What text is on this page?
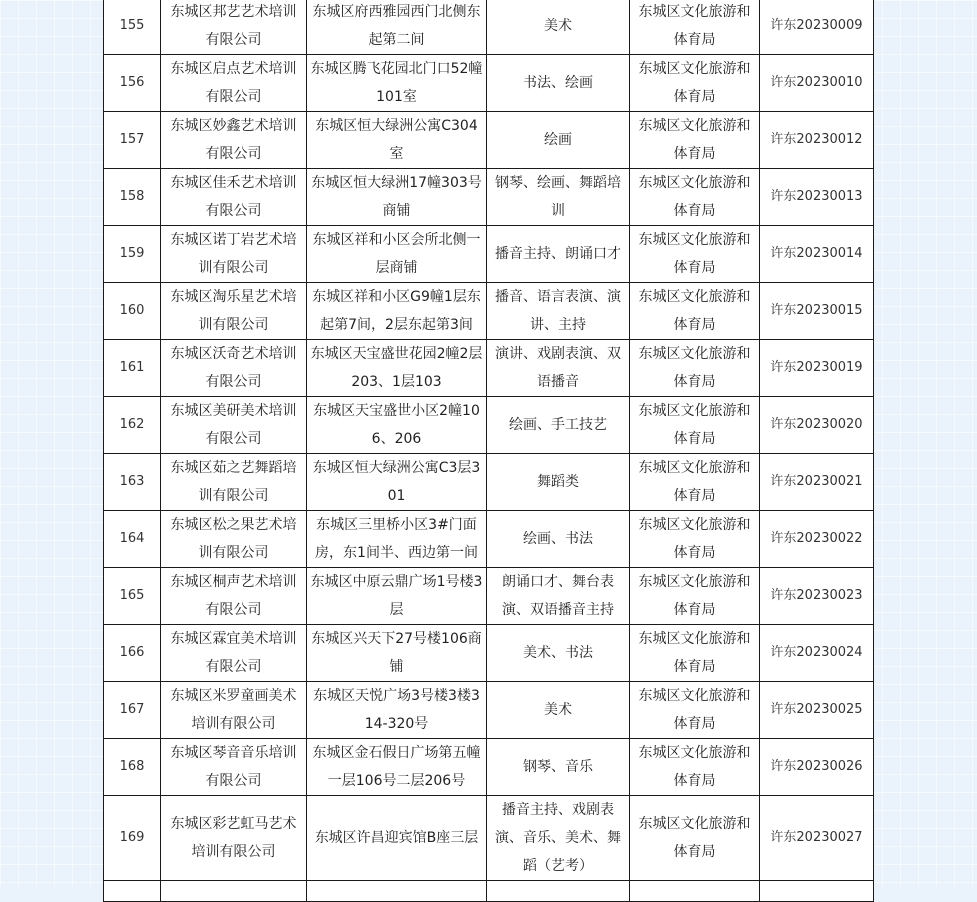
155	东城区邦艺艺术培训有限公司	东城区府西雅园西门北侧东起第二间	美术	东城区文化旅游和体育局	许东20230009
156	东城区启点艺术培训有限公司	东城区腾飞花园北门口52幢101室	书法、绘画	东城区文化旅游和体育局	许东20230010
157	东城区妙鑫艺术培训有限公司	东城区恒大绿洲公寓C304室	绘画	东城区文化旅游和体育局	许东20230012
158	东城区佳禾艺术培训有限公司	东城区恒大绿洲17幢303号商铺	钢琴、绘画、舞蹈培训	东城区文化旅游和体育局	许东20230013
159	东城区诺丁岩艺术培训有限公司	东城区祥和小区会所北侧一层商铺	播音主持、朗诵口才	东城区文化旅游和体育局	许东20230014
160	东城区淘乐星艺术培训有限公司	东城区祥和小区G9幢1层东起第7间，2层东起第3间	播音、语言表演、演讲、主持	东城区文化旅游和体育局	许东20230015
161	东城区沃奇艺术培训有限公司	东城区天宝盛世花园2幢2层203、1层103	演讲、戏剧表演、双语播音	东城区文化旅游和体育局	许东20230019
162	东城区美研美术培训有限公司	东城区天宝盛世小区2幢106、206	绘画、手工技艺	东城区文化旅游和体育局	许东20230020
163	东城区茹之艺舞蹈培训有限公司	东城区恒大绿洲公寓C3层301	舞蹈类	东城区文化旅游和体育局	许东20230021
164	东城区松之果艺术培训有限公司	东城区三里桥小区3#门面房，东1间半、西边第一间	绘画、书法	东城区文化旅游和体育局	许东20230022
165	东城区桐声艺术培训有限公司	东城区中原云鼎广场1号楼3层	朗诵口才、舞台表演、双语播音主持	东城区文化旅游和体育局	许东20230023
166	东城区霖宜美术培训有限公司	东城区兴天下27号楼106商铺	美术、书法	东城区文化旅游和体育局	许东20230024
167	东城区米罗童画美术培训有限公司	东城区天悦广场3号楼3楼314-320号	美术	东城区文化旅游和体育局	许东20230025
168	东城区琴音音乐培训有限公司	东城区金石假日广场第五幢一层106号二层206号	钢琴、音乐	东城区文化旅游和体育局	许东20230026
169	东城区彩艺虹马艺术培训有限公司	东城区许昌迎宾馆B座三层	播音主持、戏剧表演、音乐、美术、舞蹈（艺考）	东城区文化旅游和体育局	许东20230027
